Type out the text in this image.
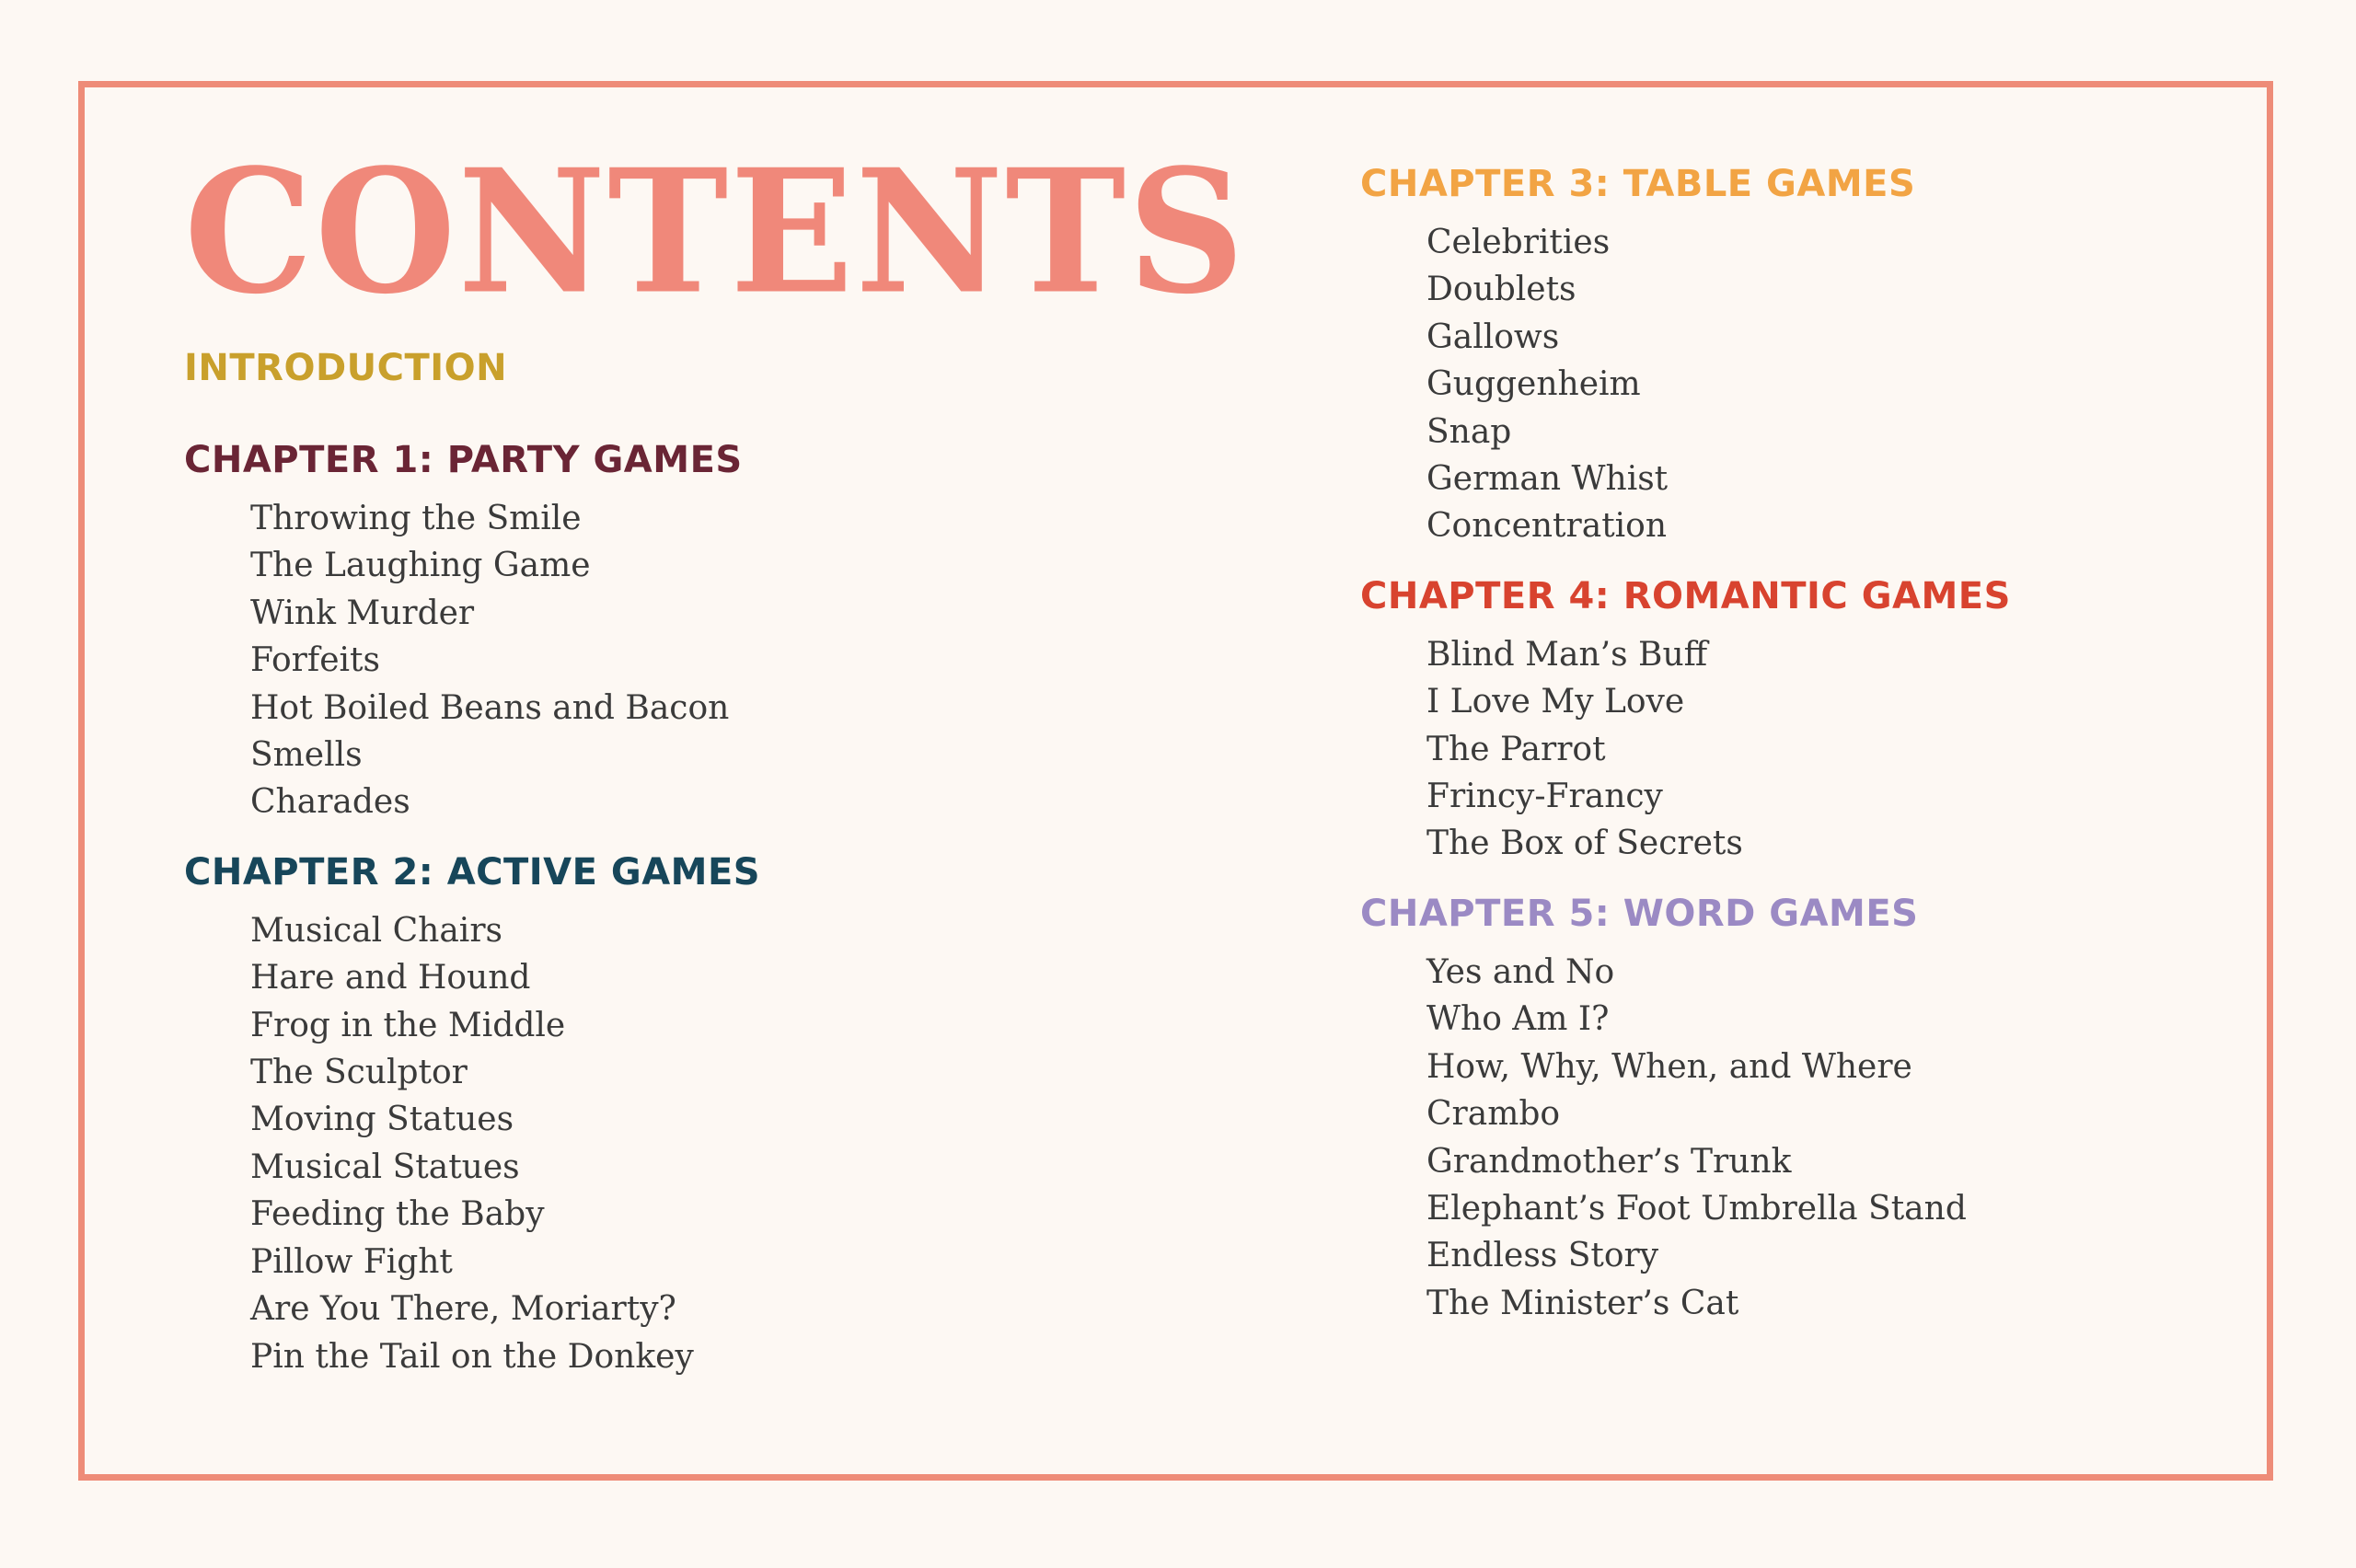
CONTENTS
INTRODUCTION
CHAPTER 1: PARTY GAMES
Throwing the Smile
The Laughing Game
Wink Murder
Forfeits
Hot Boiled Beans and Bacon
Smells
Charades
CHAPTER 2: ACTIVE GAMES
Musical Chairs
Hare and Hound
Frog in the Middle
The Sculptor
Moving Statues
Musical Statues
Feeding the Baby
Pillow Fight
Are You There, Moriarty?
Pin the Tail on the Donkey
CHAPTER 3: TABLE GAMES
Celebrities
Doublets
Gallows
Guggenheim
Snap
German Whist
Concentration
CHAPTER 4: ROMANTIC GAMES
Blind Man’s Buff
I Love My Love
The Parrot
Frincy-Francy
The Box of Secrets
CHAPTER 5: WORD GAMES
Yes and No
Who Am I?
How, Why, When, and Where
Crambo
Grandmother’s Trunk
Elephant’s Foot Umbrella Stand
Endless Story
The Minister’s Cat
